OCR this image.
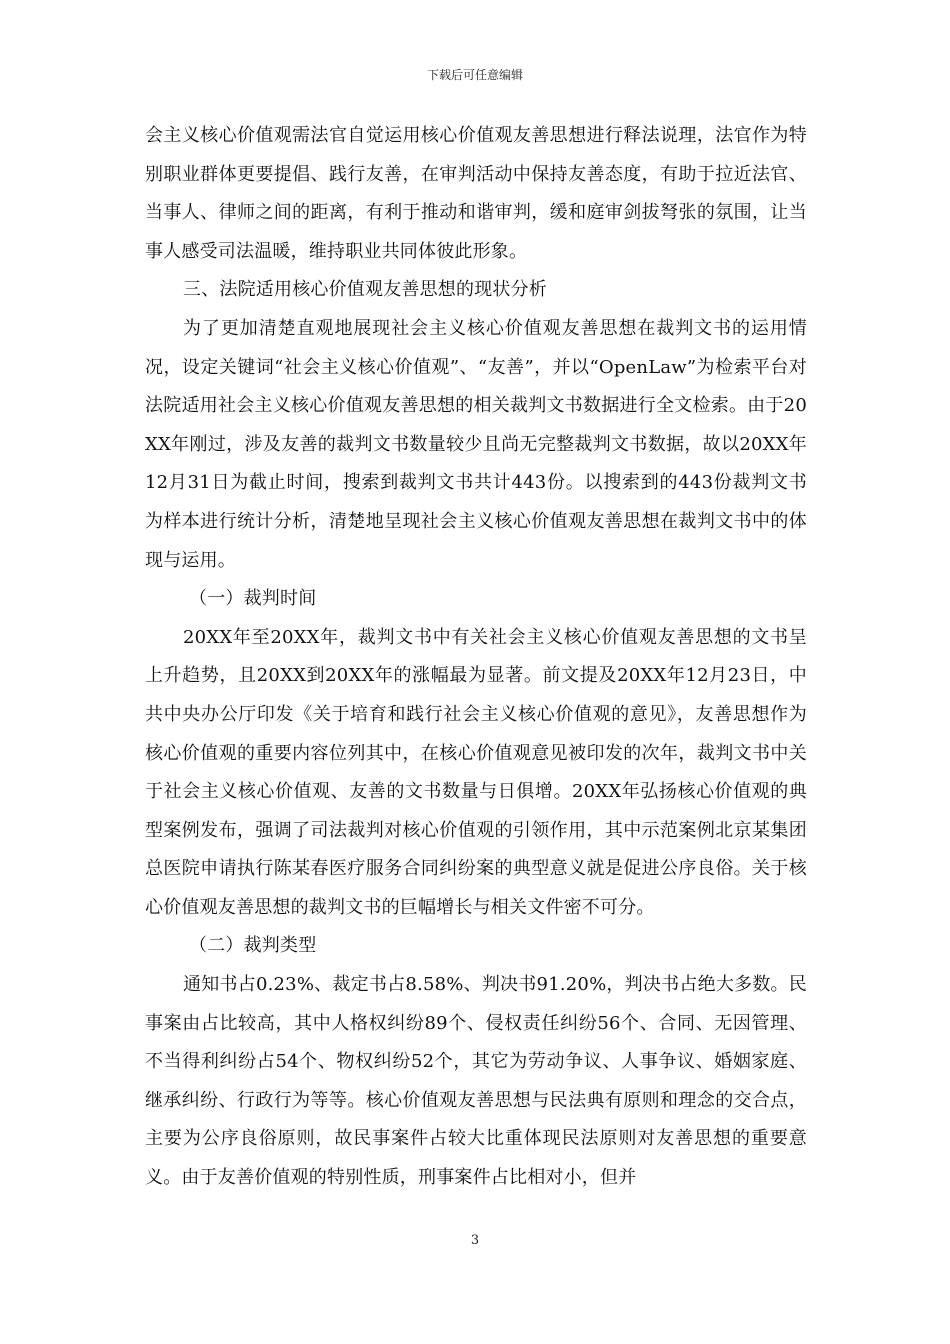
下载后可任意编辑

会主义核心价值观需法官自觉运用核心价值观友善思想进行释法说理，法官作为特别职业群体更要提倡、践行友善，在审判活动中保持友善态度，有助于拉近法官、当事人、律师之间的距离，有利于推动和谐审判，缓和庭审剑拔弩张的氛围，让当事人感受司法温暖，维持职业共同体彼此形象。

三、法院适用核心价值观友善思想的现状分析

为了更加清楚直观地展现社会主义核心价值观友善思想在裁判文书的运用情况，设定关键词“社会主义核心价值观”、“友善”，并以“OpenLaw”为检索平台对法院适用社会主义核心价值观友善思想的相关裁判文书数据进行全文检索。由于20XX年刚过，涉及友善的裁判文书数量较少且尚无完整裁判文书数据，故以20XX年12月31日为截止时间，搜索到裁判文书共计443份。以搜索到的443份裁判文书为样本进行统计分析，清楚地呈现社会主义核心价值观友善思想在裁判文书中的体现与运用。

（一）裁判时间

20XX年至20XX年，裁判文书中有关社会主义核心价值观友善思想的文书呈上升趋势，且20XX到20XX年的涨幅最为显著。前文提及20XX年12月23日，中共中央办公厅印发《关于培育和践行社会主义核心价值观的意见》，友善思想作为核心价值观的重要内容位列其中，在核心价值观意见被印发的次年，裁判文书中关于社会主义核心价值观、友善的文书数量与日俱增。20XX年弘扬核心价值观的典型案例发布，强调了司法裁判对核心价值观的引领作用，其中示范案例北京某集团总医院申请执行陈某春医疗服务合同纠纷案的典型意义就是促进公序良俗。关于核心价值观友善思想的裁判文书的巨幅增长与相关文件密不可分。

（二）裁判类型

通知书占0.23%、裁定书占8.58%、判决书91.20%，判决书占绝大多数。民事案由占比较高，其中人格权纠纷89个、侵权责任纠纷56个、合同、无因管理、不当得利纠纷占54个、物权纠纷52个，其它为劳动争议、人事争议、婚姻家庭、继承纠纷、行政行为等等。核心价值观友善思想与民法典有原则和理念的交合点，主要为公序良俗原则，故民事案件占较大比重体现民法原则对友善思想的重要意义。由于友善价值观的特别性质，刑事案件占比相对小，但并

3
